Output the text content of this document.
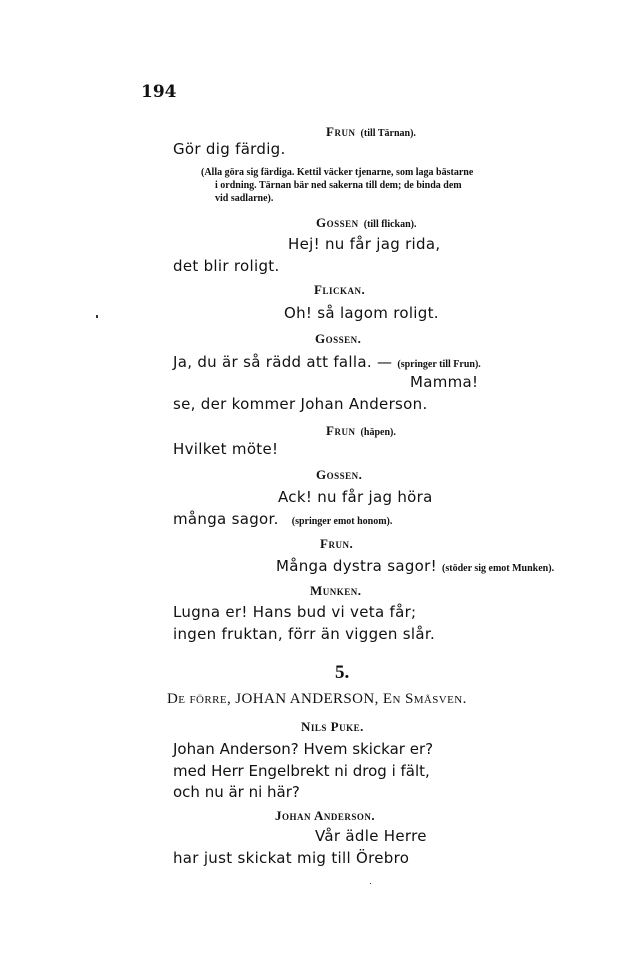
194
Frun (till Tärnan).
Gör dig färdig.
(Alla göra sig färdiga. Kettil väcker tjenarne, som laga bästarne
i ordning. Tärnan bär ned sakerna till dem; de binda dem
vid sadlarne).
Gossen (till flickan).
Hej! nu får jag rida,
det blir roligt.
Flickan.
Oh! så lagom roligt.
Gossen.
Ja, du är så rädd att falla. — (springer till Frun).
Mamma!
se, der kommer Johan Anderson.
Frun (häpen).
Hvilket möte!
Gossen.
Ack! nu får jag höra
många sagor. (springer emot honom).
Frun.
Många dystra sagor! (stöder sig emot Munken).
Munken.
Lugna er! Hans bud vi veta får;
ingen fruktan, förr än viggen slår.
5.
De förre, JOHAN ANDERSON, En Småsven.
Nils Puke.
Johan Anderson? Hvem skickar er?
med Herr Engelbrekt ni drog i fält,
och nu är ni här?
Johan Anderson.
Vår ädle Herre
har just skickat mig till Örebro
